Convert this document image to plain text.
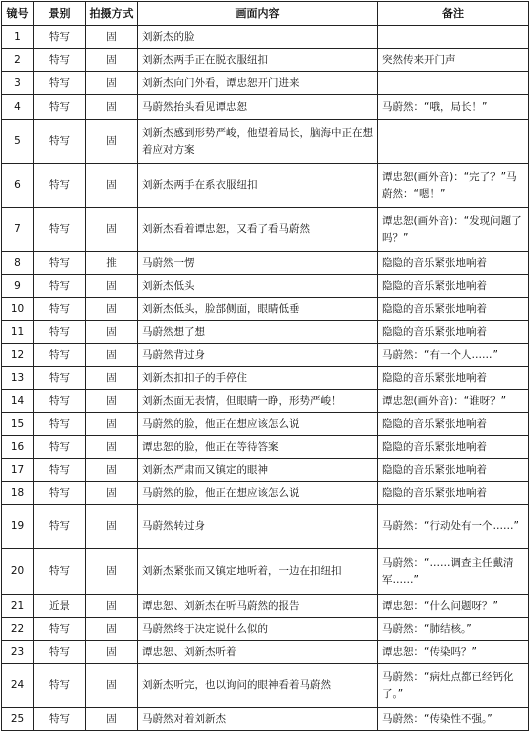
镜号	景别	拍摄方式	画面内容	备注
1	特写	固	刘新杰的脸	
2	特写	固	刘新杰两手正在脱衣服纽扣	突然传来开门声
3	特写	固	刘新杰向门外看，谭忠恕开门进来	
4	特写	固	马蔚然抬头看见谭忠恕	马蔚然：“哦，局长！”
5	特写	固	刘新杰感到形势严峻，他望着局长，脑海中正在想着应对方案	
6	特写	固	刘新杰两手在系衣服纽扣	谭忠恕(画外音)：“完了？”马蔚然：“嗯！”
7	特写	固	刘新杰看着谭忠恕，又看了看马蔚然	谭忠恕(画外音)：“发现问题了吗？”
8	特写	推	马蔚然一愣	隐隐的音乐紧张地响着
9	特写	固	刘新杰低头	隐隐的音乐紧张地响着
10	特写	固	刘新杰低头，脸部侧面，眼睛低垂	隐隐的音乐紧张地响着
11	特写	固	马蔚然想了想	隐隐的音乐紧张地响着
12	特写	固	马蔚然背过身	马蔚然：“有一个人……”
13	特写	固	刘新杰扣扣子的手停住	隐隐的音乐紧张地响着
14	特写	固	刘新杰面无表情，但眼睛一睁，形势严峻！	谭忠恕(画外音)：“谁呀？”
15	特写	固	马蔚然的脸，他正在想应该怎么说	隐隐的音乐紧张地响着
16	特写	固	谭忠恕的脸，他正在等待答案	隐隐的音乐紧张地响着
17	特写	固	刘新杰严肃而又镇定的眼神	隐隐的音乐紧张地响着
18	特写	固	马蔚然的脸，他正在想应该怎么说	隐隐的音乐紧张地响着
19	特写	固	马蔚然转过身	马蔚然：“行动处有一个……”
20	特写	固	刘新杰紧张而又镇定地听着，一边在扣纽扣	马蔚然：“……调查主任戴清军……”
21	近景	固	谭忠恕、刘新杰在听马蔚然的报告	谭忠恕：“什么问题呀？”
22	特写	固	马蔚然终于决定说什么似的	马蔚然：“肺结核。”
23	特写	固	谭忠恕、刘新杰听着	谭忠恕：“传染吗？”
24	特写	固	刘新杰听完，也以询问的眼神看着马蔚然	马蔚然：“病灶点都已经钙化了。”
25	特写	固	马蔚然对着刘新杰	马蔚然：“传染性不强。”
